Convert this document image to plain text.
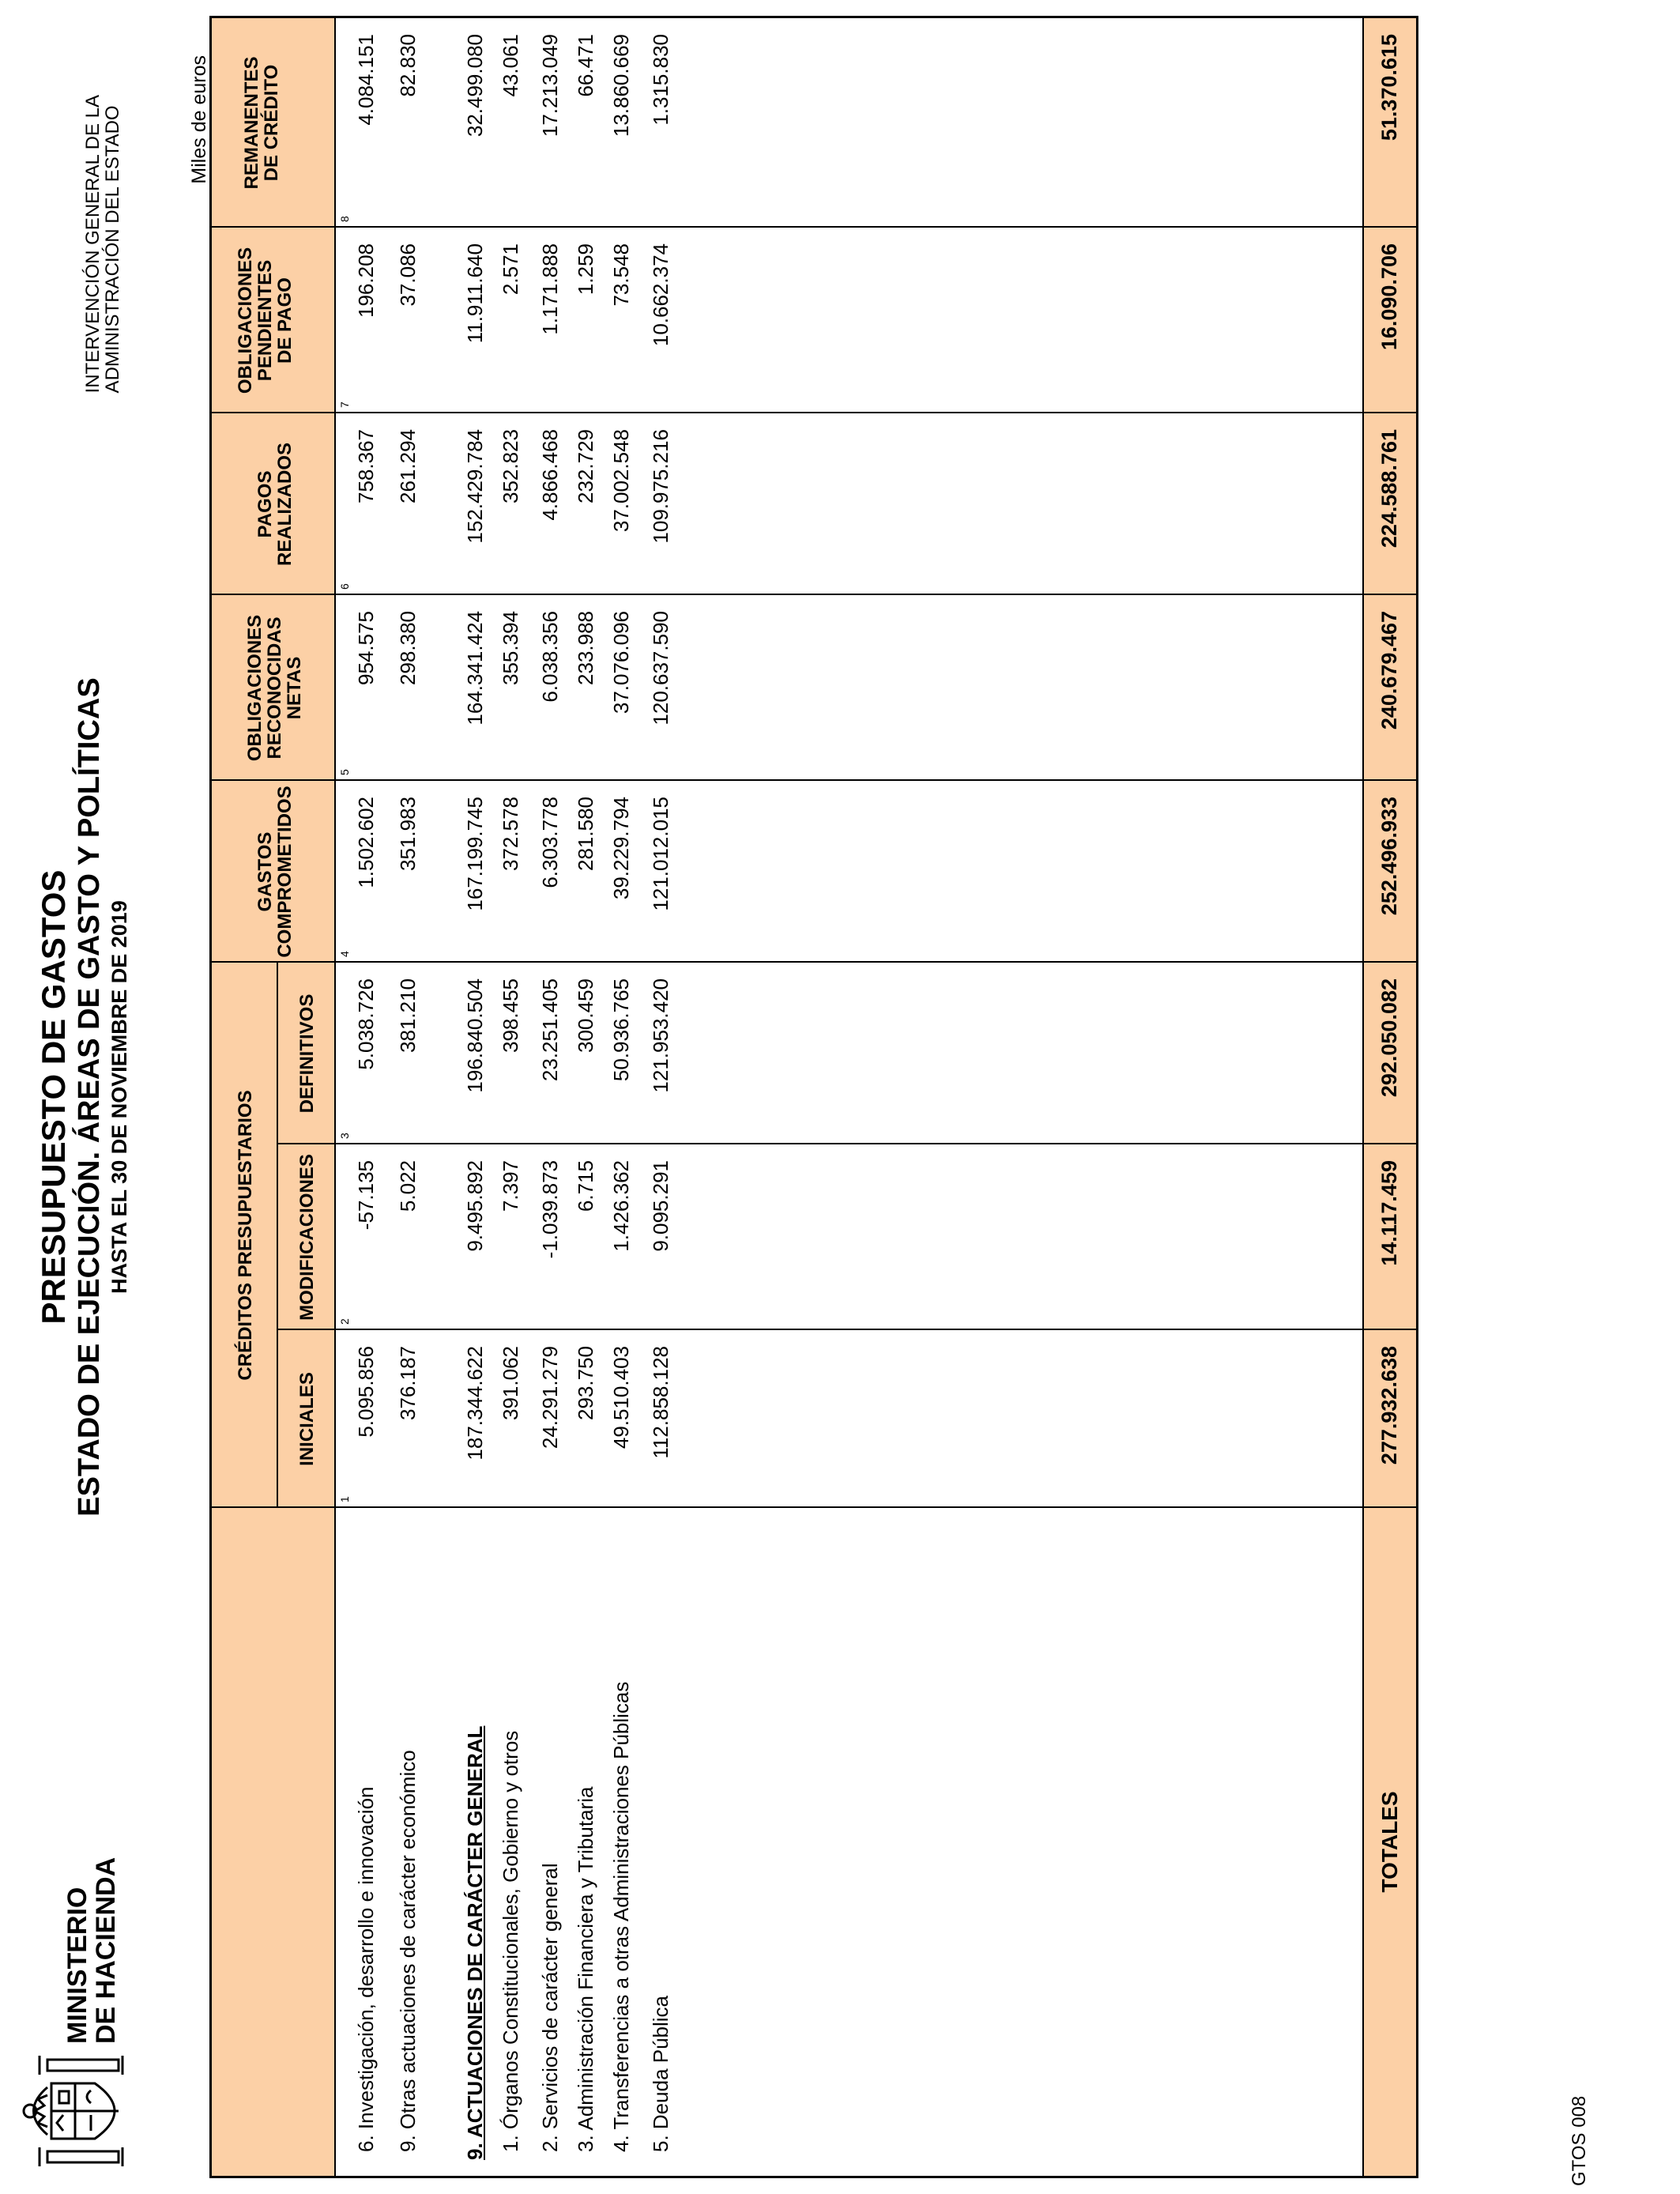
MINISTERIO
DE HACIENDA
PRESUPUESTO DE GASTOS ESTADO DE EJECUCIÓN. ÁREAS DE GASTO Y POLÍTICAS HASTA EL 30 DE NOVIEMBRE DE 2019
INTERVENCIÓN GENERAL DE LA
ADMINISTRACIÓN DEL ESTADO	Miles de euros
CRÉDITOS PRESUPUESTARIOS
INICIALES
MODIFICACIONES
DEFINITIVOS
GASTOS
COMPROMETIDOS
OBLIGACIONES
RECONOCIDAS
NETAS
PAGOS
REALIZADOS
OBLIGACIONES
PENDIENTES
DE PAGO
REMANENTES
DE CRÉDITO
1
2
3
4
5
6
7
8
6. Investigación, desarrollo e innovación
5.095.856
-57.135
5.038.726
1.502.602
954.575
758.367
196.208
4.084.151
9. Otras actuaciones de carácter económico
376.187
5.022
381.210
351.983
298.380
261.294
37.086
82.830
9. ACTUACIONES DE CARÁCTER GENERAL
187.344.622
9.495.892
196.840.504
167.199.745
164.341.424
152.429.784
11.911.640
32.499.080
1. Órganos Constitucionales, Gobierno y otros
391.062
7.397
398.455
372.578
355.394
352.823
2.571
43.061
2. Servicios de carácter general
24.291.279
-1.039.873
23.251.405
6.303.778
6.038.356
4.866.468
1.171.888
17.213.049
3. Administración Financiera y Tributaria
293.750
6.715
300.459
281.580
233.988
232.729
1.259
66.471
4. Transferencias a otras Administraciones Públicas
49.510.403
1.426.362
50.936.765
39.229.794
37.076.096
37.002.548
73.548
13.860.669
5. Deuda Pública
112.858.128
9.095.291
121.953.420
121.012.015
120.637.590
109.975.216
10.662.374
1.315.830
TOTALES
277.932.638
14.117.459
292.050.082
252.496.933
240.679.467
224.588.761
16.090.706
51.370.615
GTOS 008
